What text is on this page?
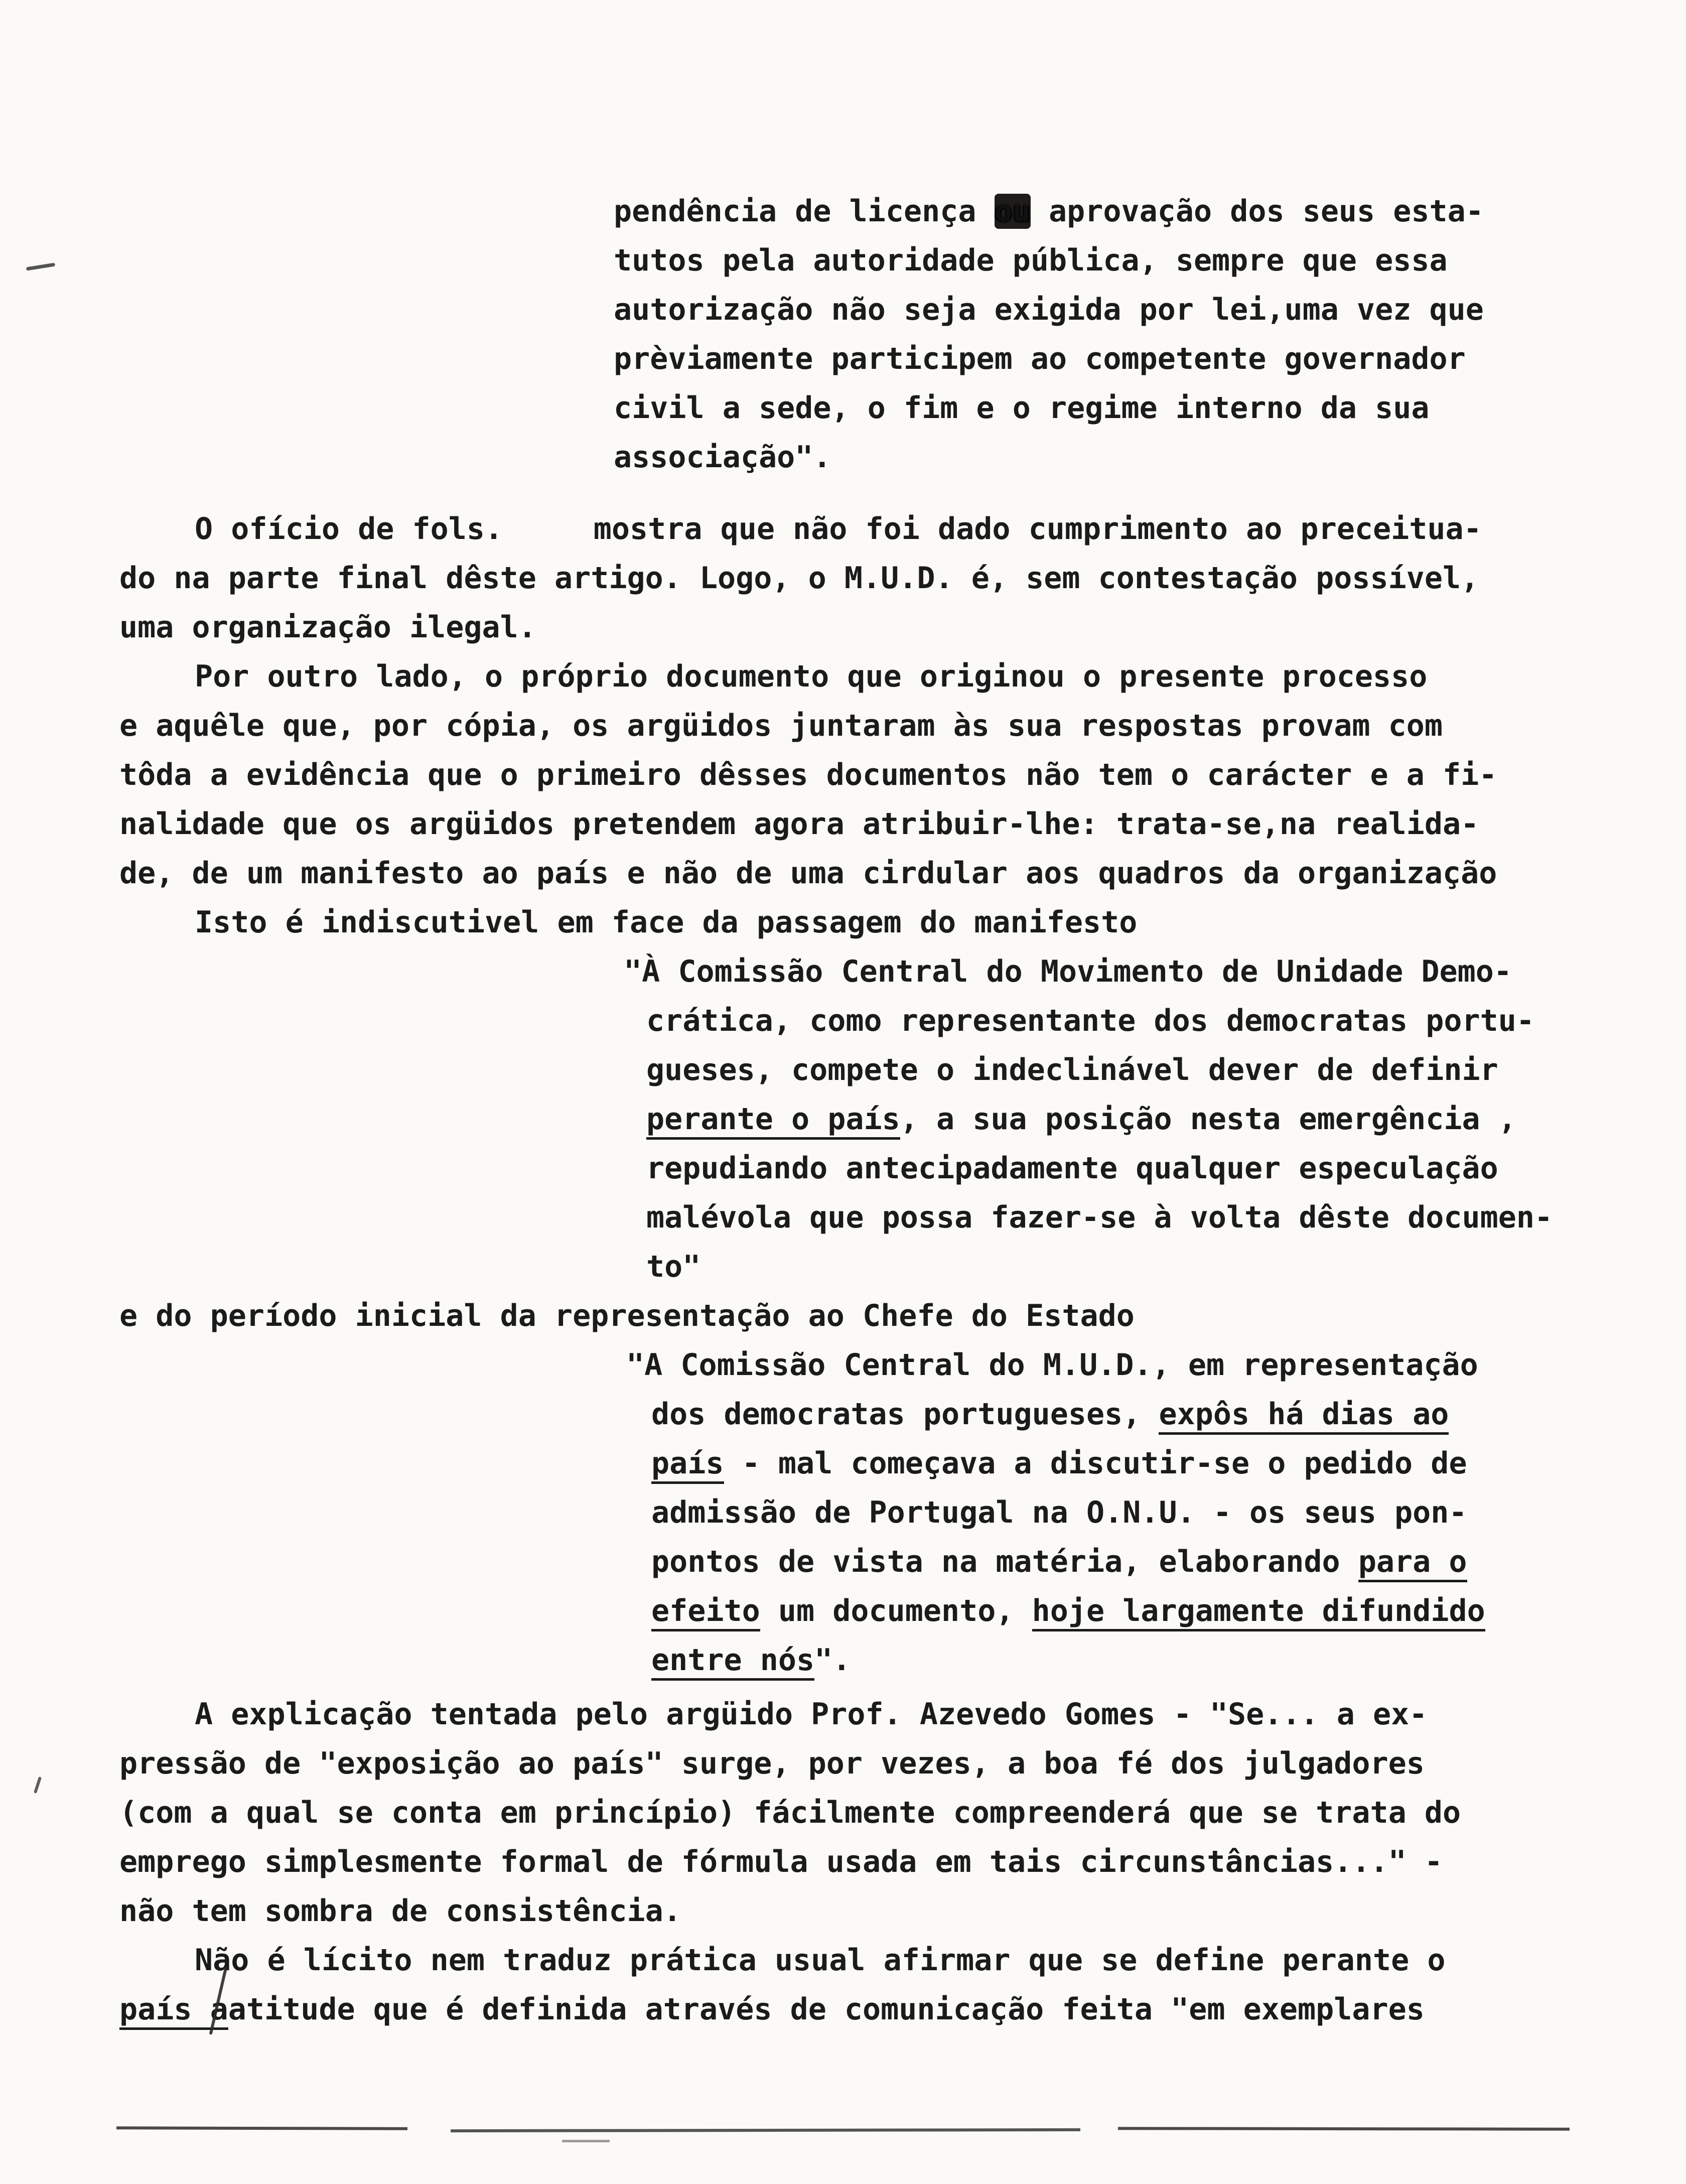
pendência de licença ou aprovação dos seus esta-
tutos pela autoridade pública, sempre que essa
autorização não seja exigida por lei,uma vez que
prèviamente participem ao competente governador
civil a sede, o fim e o regime interno da sua
associação".
O ofício de fols.     mostra que não foi dado cumprimento ao preceitua-
do na parte final dêste artigo. Logo, o M.U.D. é, sem contestação possível,
uma organização ilegal.
Por outro lado, o próprio documento que originou o presente processo
e aquêle que, por cópia, os argüidos juntaram às sua respostas provam com
tôda a evidência que o primeiro dêsses documentos não tem o carácter e a fi-
nalidade que os argüidos pretendem agora atribuir-lhe: trata-se,na realida-
de, de um manifesto ao país e não de uma cirdular aos quadros da organização
Isto é indiscutivel em face da passagem do manifesto
"À Comissão Central do Movimento de Unidade Demo-
crática, como representante dos democratas portu-
gueses, compete o indeclinável dever de definir
perante o país, a sua posição nesta emergência ,
repudiando antecipadamente qualquer especulação
malévola que possa fazer-se à volta dêste documen-
to"
e do período inicial da representação ao Chefe do Estado
"A Comissão Central do M.U.D., em representação
dos democratas portugueses, expôs há dias ao
país - mal começava a discutir-se o pedido de
admissão de Portugal na O.N.U. - os seus pon-
pontos de vista na matéria, elaborando para o
efeito um documento, hoje largamente difundido
entre nós".
A explicação tentada pelo argüido Prof. Azevedo Gomes - "Se... a ex-
pressão de "exposição ao país" surge, por vezes, a boa fé dos julgadores
(com a qual se conta em princípio) fácilmente compreenderá que se trata do
emprego simplesmente formal de fórmula usada em tais circunstâncias..." -
não tem sombra de consistência.
Não é lícito nem traduz prática usual afirmar que se define perante o
país aatitude que é definida através de comunicação feita "em exemplares
